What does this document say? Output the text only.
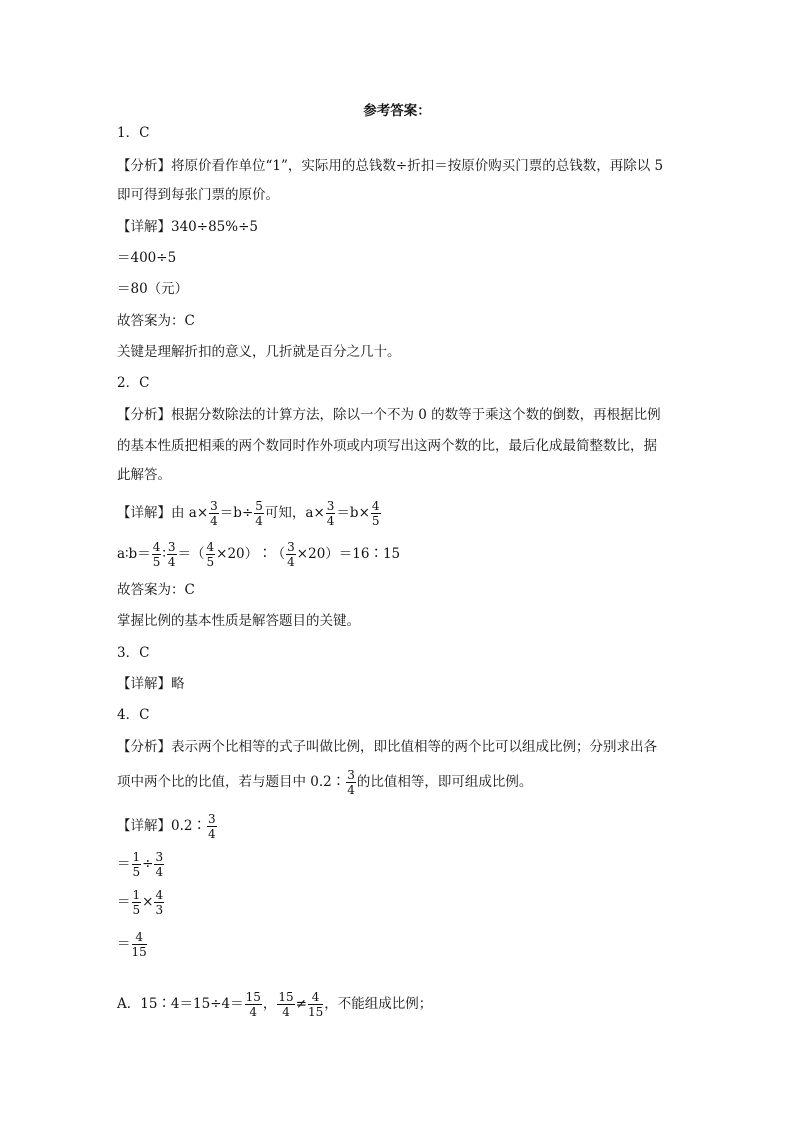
参考答案：
1．C
【分析】将原价看作单位“1”，实际用的总钱数÷折扣＝按原价购买门票的总钱数，再除以 5
即可得到每张门票的原价。
【详解】340÷85%÷5
＝400÷5
＝80（元）
故答案为：C
关键是理解折扣的意义，几折就是百分之几十。
2．C
【分析】根据分数除法的计算方法，除以一个不为 0 的数等于乘这个数的倒数，再根据比例
的基本性质把相乘的两个数同时作外项或内项写出这两个数的比，最后化成最简整数比，据
此解答。
【详解】由 $a\times \frac{3}{4} =b\div \frac{5}{4}$ 可知，$a\times \frac{3}{4} =b\times \frac{4}{5}$
a∶b＝ $\frac{4}{5}$ ∶ $\frac{3}{4}$ ＝（ $\frac{4}{5}$ ×20）∶（ $\frac{3}{4}$ ×20）＝16∶15
故答案为：C
掌握比例的基本性质是解答题目的关键。
3．C
【详解】略
4．C
【分析】表示两个比相等的式子叫做比例，即比值相等的两个比可以组成比例；分别求出各
项中两个比的比值，若与题目中 0.2∶ $\frac{3}{4}$ 的比值相等，即可组成比例。
【详解】0.2∶ $\frac{3}{4}$
＝ $\frac{1}{5} \div \frac{3}{4}$
＝ $\frac{1}{5} \times \frac{4}{3}$
＝ $\frac{4}{15}$
A．15∶4＝15÷4＝ $\frac{15}{4}$ ， $\frac{15}{4} \ne \frac{4}{15}$ ，不能组成比例；
